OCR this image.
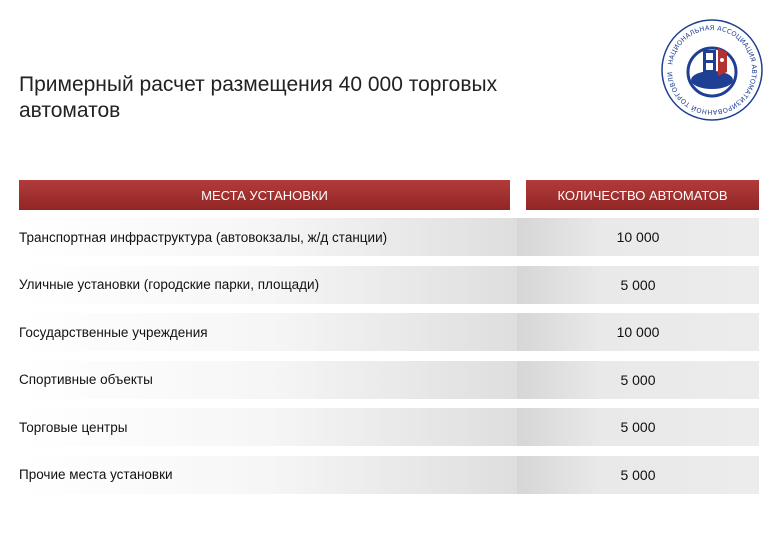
Примерный расчет размещения 40 000 торговых
автоматов
НАЦИОНАЛЬНАЯ АССОЦИАЦИЯ АВТОМАТИЗИРОВАННОЙ ТОРГОВЛИ
МЕСТА УСТАНОВКИ	КОЛИЧЕСТВО АВТОМАТОВ
Транспортная инфраструктура (автовокзалы, ж/д станции)	10 000
Уличные установки (городские парки, площади)	5 000
Государственные учреждения	10 000
Спортивные объекты	5 000
Торговые центры	5 000
Прочие места установки	5 000
